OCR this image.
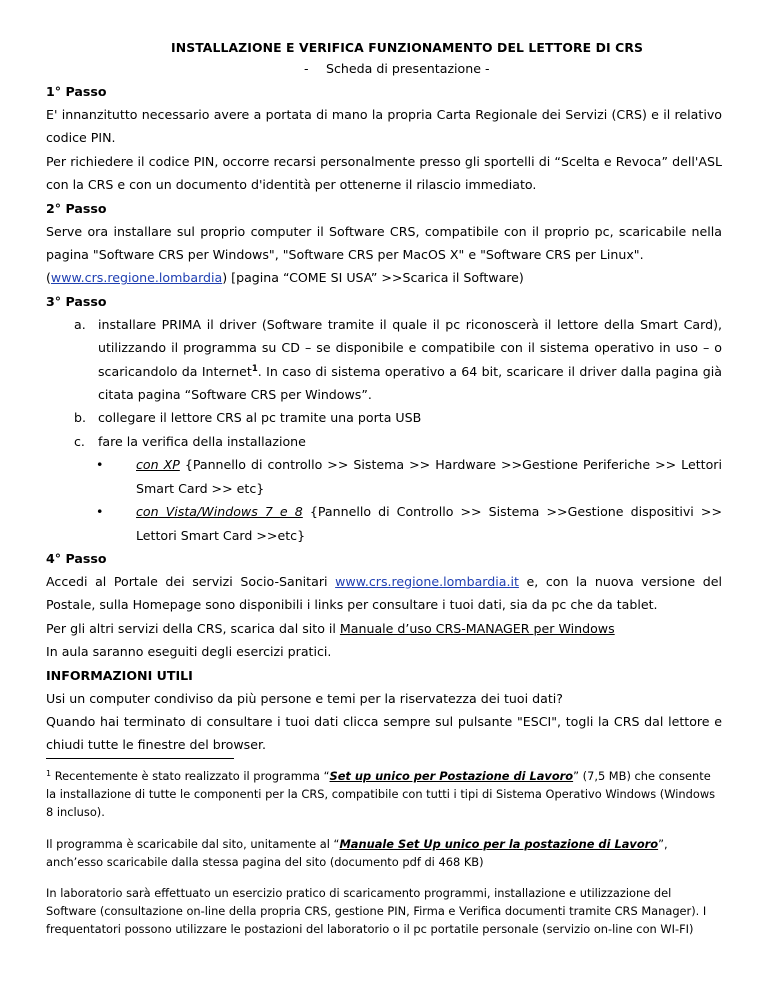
INSTALLAZIONE E VERIFICA FUNZIONAMENTO DEL LETTORE DI CRS
- Scheda di presentazione -
1° Passo
E' innanzitutto necessario avere a portata di mano la propria Carta Regionale dei Servizi (CRS) e il relativo codice PIN.
Per richiedere il codice PIN, occorre recarsi personalmente presso gli sportelli di “Scelta e Revoca” dell'ASL con la CRS e con un documento d'identità per ottenerne il rilascio immediato.
2° Passo
Serve ora installare sul proprio computer il Software CRS, compatibile con il proprio pc, scaricabile nella pagina "Software CRS per Windows", "Software CRS per MacOS X" e "Software CRS per Linux".
(www.crs.regione.lombardia) [pagina “COME SI USA” >>Scarica il Software)
3° Passo
a. installare PRIMA il driver (Software tramite il quale il pc riconoscerà il lettore della Smart Card), utilizzando il programma su CD – se disponibile e compatibile con il sistema operativo in uso – o scaricandolo da Internet$^1$. In caso di sistema operativo a 64 bit, scaricare il driver dalla pagina già citata pagina “Software CRS per Windows”.
b. collegare il lettore CRS al pc tramite una porta USB
c. fare la verifica della installazione
•	con XP {Pannello di controllo >> Sistema >> Hardware >>Gestione Periferiche >> Lettori Smart Card >> etc}
•	con Vista/Windows 7 e 8 {Pannello di Controllo >> Sistema >>Gestione dispositivi >> Lettori Smart Card >>etc}
4° Passo
Accedi al Portale dei servizi Socio-Sanitari www.crs.regione.lombardia.it e, con la nuova versione del Postale, sulla Homepage sono disponibili i links per consultare i tuoi dati, sia da pc che da tablet.
Per gli altri servizi della CRS, scarica dal sito il Manuale d’uso CRS-MANAGER per Windows
In aula saranno eseguiti degli esercizi pratici.
INFORMAZIONI UTILI
Usi un computer condiviso da più persone e temi per la riservatezza dei tuoi dati?
Quando hai terminato di consultare i tuoi dati clicca sempre sul pulsante "ESCI", togli la CRS dal lettore e chiudi tutte le finestre del browser.

$^1$ Recentemente è stato realizzato il programma “Set up unico per Postazione di Lavoro” (7,5 MB) che consente la installazione di tutte le componenti per la CRS, compatibile con tutti i tipi di Sistema Operativo Windows (Windows 8 incluso).

Il programma è scaricabile dal sito, unitamente al “Manuale Set Up unico per la postazione di Lavoro”, anch’esso scaricabile dalla stessa pagina del sito (documento pdf di 468 KB)

In laboratorio sarà effettuato un esercizio pratico di scaricamento programmi, installazione e utilizzazione del Software (consultazione on-line della propria CRS, gestione PIN, Firma e Verifica documenti tramite CRS Manager). I frequentatori possono utilizzare le postazioni del laboratorio o il pc portatile personale (servizio on-line con WI-FI)
